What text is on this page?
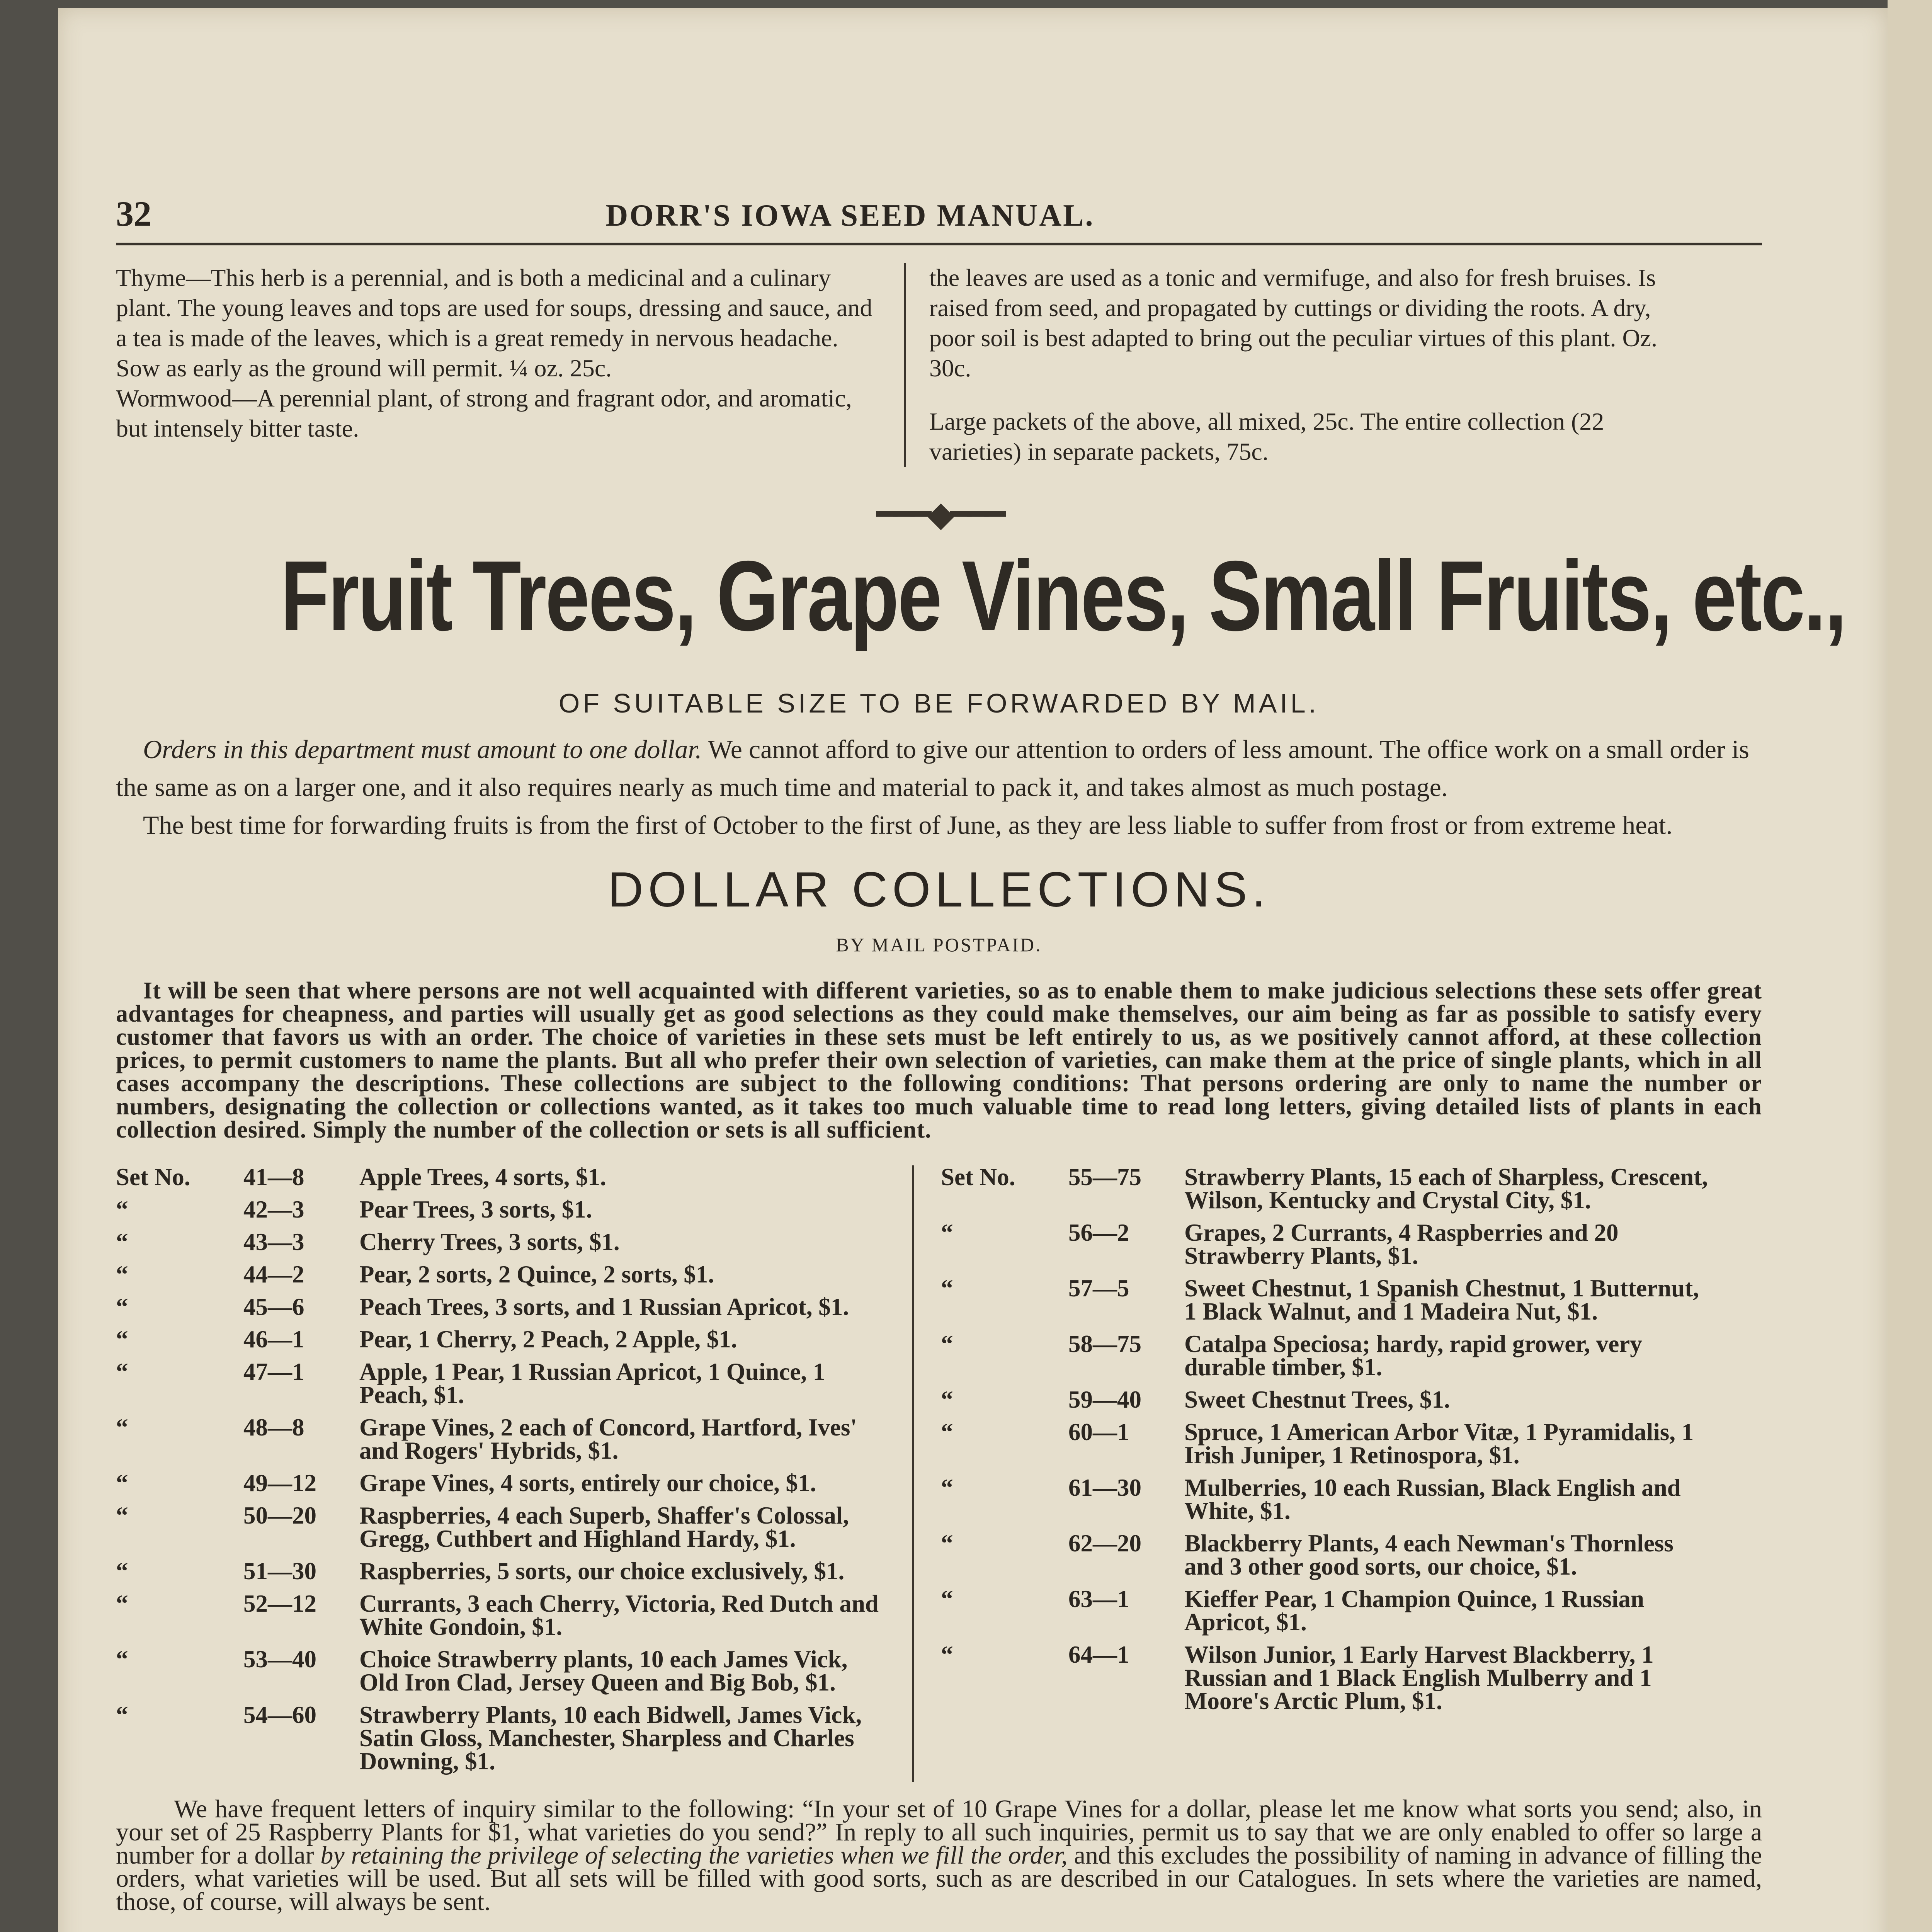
32	DORR'S IOWA SEED MANUAL.

Thyme—This herb is a perennial, and is both a medicinal and a culinary plant. The young leaves and tops are used for soups, dressing and sauce, and a tea is made of the leaves, which is a great remedy in nervous headache. Sow as early as the ground will permit. ¼ oz. 25c.

Wormwood—A perennial plant, of strong and fragrant odor, and aromatic, but intensely bitter taste.

the leaves are used as a tonic and vermifuge, and also for fresh bruises. Is raised from seed, and propagated by cuttings or dividing the roots. A dry, poor soil is best adapted to bring out the peculiar virtues of this plant. Oz. 30c.

Large packets of the above, all mixed, 25c. The entire collection (22 varieties) in separate packets, 75c.

━━━◆━━━
Fruit Trees, Grape Vines, Small Fruits, etc.,
OF SUITABLE SIZE TO BE FORWARDED BY MAIL.

Orders in this department must amount to one dollar. We cannot afford to give our attention to orders of less amount. The office work on a small order is the same as on a larger one, and it also requires nearly as much time and material to pack it, and takes almost as much postage.

The best time for forwarding fruits is from the first of October to the first of June, as they are less liable to suffer from frost or from extreme heat.

DOLLAR COLLECTIONS.
BY MAIL POSTPAID.

It will be seen that where persons are not well acquainted with different varieties, so as to enable them to make judicious selections these sets offer great advantages for cheapness, and parties will usually get as good selections as they could make themselves, our aim being as far as possible to satisfy every customer that favors us with an order. The choice of varieties in these sets must be left entirely to us, as we positively cannot afford, at these collection prices, to permit customers to name the plants. But all who prefer their own selection of varieties, can make them at the price of single plants, which in all cases accompany the descriptions. These collections are subject to the following conditions: That persons ordering are only to name the number or numbers, designating the collection or collections wanted, as it takes too much valuable time to read long letters, giving detailed lists of plants in each collection desired. Simply the number of the collection or sets is all sufficient.

Set No.	41—8	Apple Trees, 4 sorts, $1.
“	42—3	Pear Trees, 3 sorts, $1.
“	43—3	Cherry Trees, 3 sorts, $1.
“	44—2	Pear, 2 sorts, 2 Quince, 2 sorts, $1.
“	45—6	Peach Trees, 3 sorts, and 1 Russian Apricot, $1.
“	46—1	Pear, 1 Cherry, 2 Peach, 2 Apple, $1.
“	47—1	Apple, 1 Pear, 1 Russian Apricot, 1 Quince, 1 Peach, $1.
“	48—8	Grape Vines, 2 each of Concord, Hartford, Ives' and Rogers' Hybrids, $1.
“	49—12	Grape Vines, 4 sorts, entirely our choice, $1.
“	50—20	Raspberries, 4 each Superb, Shaffer's Colossal, Gregg, Cuthbert and Highland Hardy, $1.
“	51—30	Raspberries, 5 sorts, our choice exclusively, $1.
“	52—12	Currants, 3 each Cherry, Victoria, Red Dutch and White Gondoin, $1.
“	53—40	Choice Strawberry plants, 10 each James Vick, Old Iron Clad, Jersey Queen and Big Bob, $1.
“	54—60	Strawberry Plants, 10 each Bidwell, James Vick, Satin Gloss, Manchester, Sharpless and Charles Downing, $1.
Set No.	55—75	Strawberry Plants, 15 each of Sharpless, Crescent, Wilson, Kentucky and Crystal City, $1.
“	56—2	Grapes, 2 Currants, 4 Raspberries and 20 Strawberry Plants, $1.
“	57—5	Sweet Chestnut, 1 Spanish Chestnut, 1 Butternut, 1 Black Walnut, and 1 Madeira Nut, $1.
“	58—75	Catalpa Speciosa; hardy, rapid grower, very durable timber, $1.
“	59—40	Sweet Chestnut Trees, $1.
“	60—1	Spruce, 1 American Arbor Vitæ, 1 Pyramidalis, 1 Irish Juniper, 1 Retinospora, $1.
“	61—30	Mulberries, 10 each Russian, Black English and White, $1.
“	62—20	Blackberry Plants, 4 each Newman's Thornless and 3 other good sorts, our choice, $1.
“	63—1	Kieffer Pear, 1 Champion Quince, 1 Russian Apricot, $1.
“	64—1	Wilson Junior, 1 Early Harvest Blackberry, 1 Russian and 1 Black English Mulberry and 1 Moore's Arctic Plum, $1.

We have frequent letters of inquiry similar to the following: “In your set of 10 Grape Vines for a dollar, please let me know what sorts you send; also, in your set of 25 Raspberry Plants for $1, what varieties do you send?” In reply to all such inquiries, permit us to say that we are only enabled to offer so large a number for a dollar by retaining the privilege of selecting the varieties when we fill the order, and this excludes the possibility of naming in advance of filling the orders, what varieties will be used. But all sets will be filled with good sorts, such as are described in our Catalogues. In sets where the varieties are named, those, of course, will always be sent.
